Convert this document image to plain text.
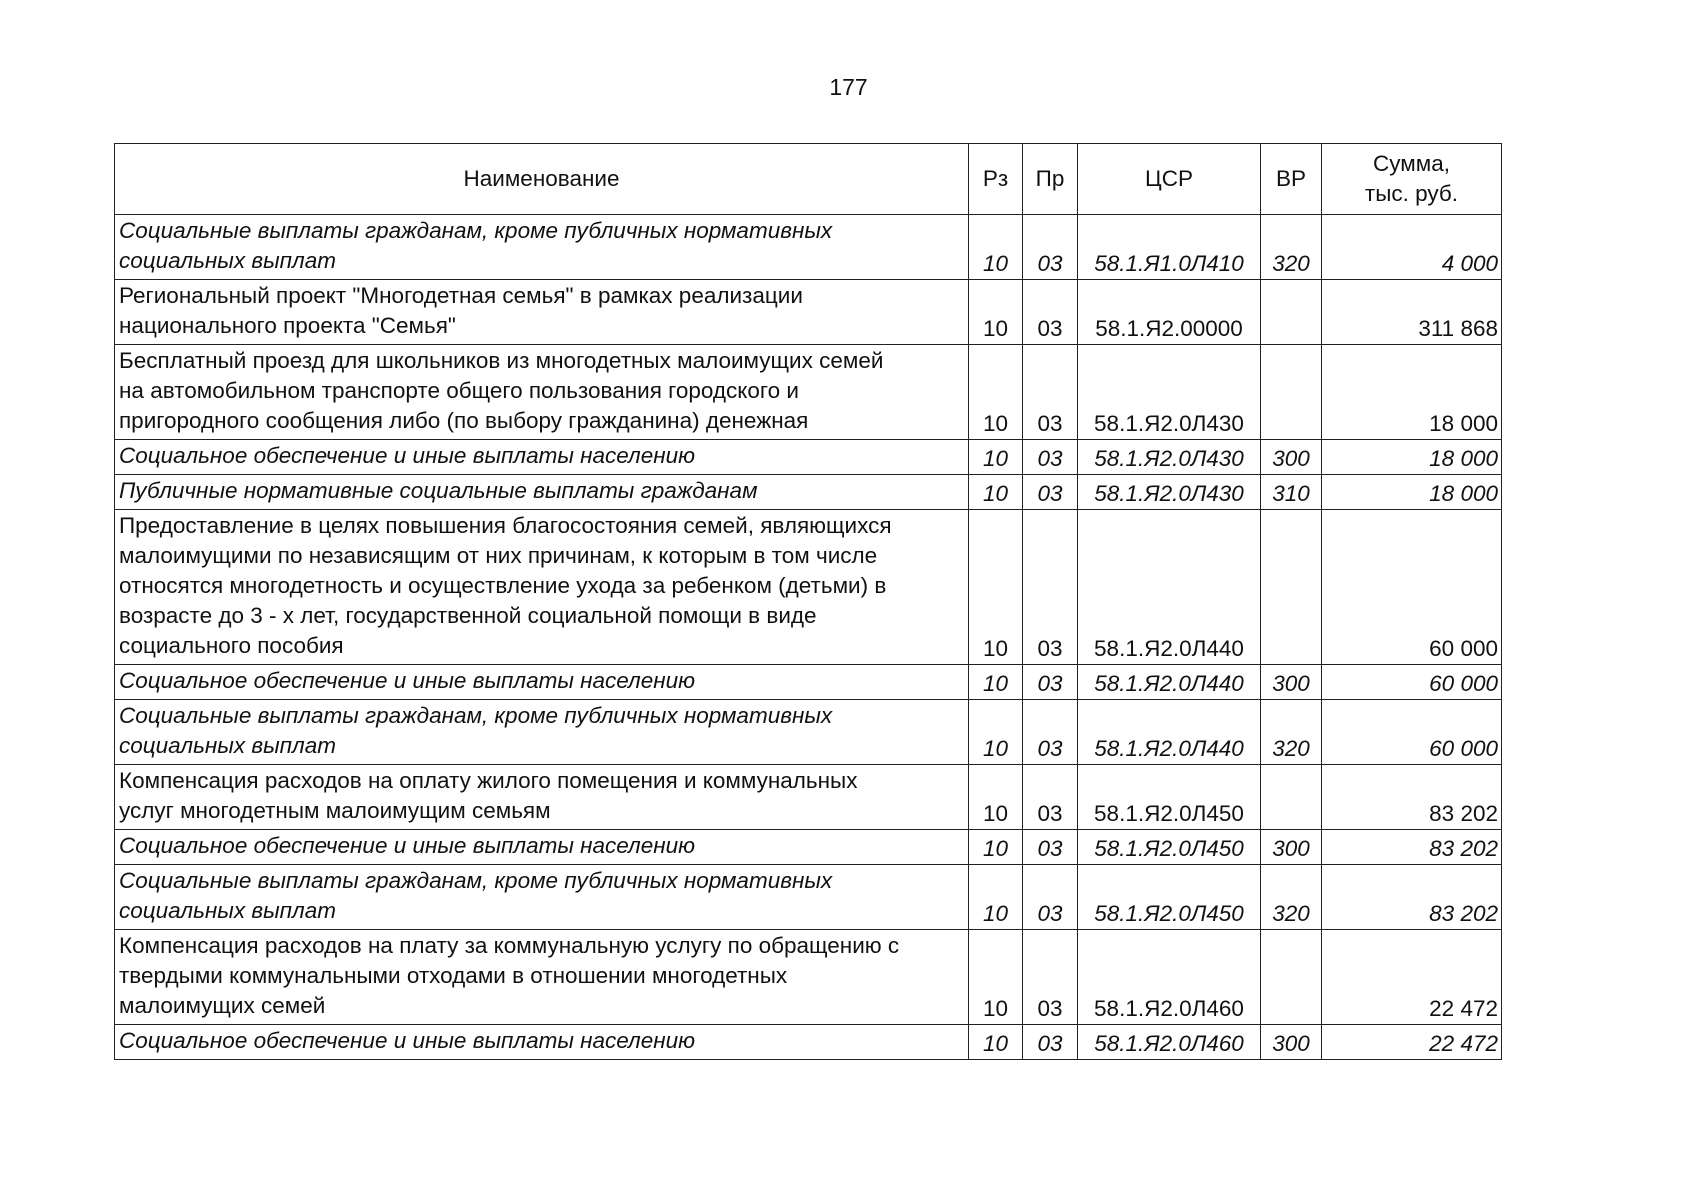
177
Наименование	Рз	Пр	ЦСР	ВР	Сумма,
тыс. руб.

Социальные выплаты гражданам, кроме публичных нормативных
социальных выплат	10	03	58.1.Я1.0Л410	320	4 000
Региональный проект "Многодетная семья" в рамках реализации
национального проекта "Семья"	10	03	58.1.Я2.00000		311 868
Бесплатный проезд для школьников из многодетных малоимущих семей
на автомобильном транспорте общего пользования городского и
пригородного сообщения либо (по выбору гражданина) денежная	10	03	58.1.Я2.0Л430		18 000
Социальное обеспечение и иные выплаты населению	10	03	58.1.Я2.0Л430	300	18 000
Публичные нормативные социальные выплаты гражданам	10	03	58.1.Я2.0Л430	310	18 000
Предоставление в целях повышения благосостояния семей, являющихся
малоимущими по независящим от них причинам, к которым в том числе
относятся многодетность и осуществление ухода за ребенком (детьми) в
возрасте до 3 - х лет, государственной социальной помощи в виде
социального пособия	10	03	58.1.Я2.0Л440		60 000
Социальное обеспечение и иные выплаты населению	10	03	58.1.Я2.0Л440	300	60 000
Социальные выплаты гражданам, кроме публичных нормативных
социальных выплат	10	03	58.1.Я2.0Л440	320	60 000
Компенсация расходов на оплату жилого помещения и коммунальных
услуг многодетным малоимущим семьям	10	03	58.1.Я2.0Л450		83 202
Социальное обеспечение и иные выплаты населению	10	03	58.1.Я2.0Л450	300	83 202
Социальные выплаты гражданам, кроме публичных нормативных
социальных выплат	10	03	58.1.Я2.0Л450	320	83 202
Компенсация расходов на плату за коммунальную услугу по обращению с
твердыми коммунальными отходами в отношении многодетных
малоимущих семей	10	03	58.1.Я2.0Л460		22 472
Социальное обеспечение и иные выплаты населению	10	03	58.1.Я2.0Л460	300	22 472
